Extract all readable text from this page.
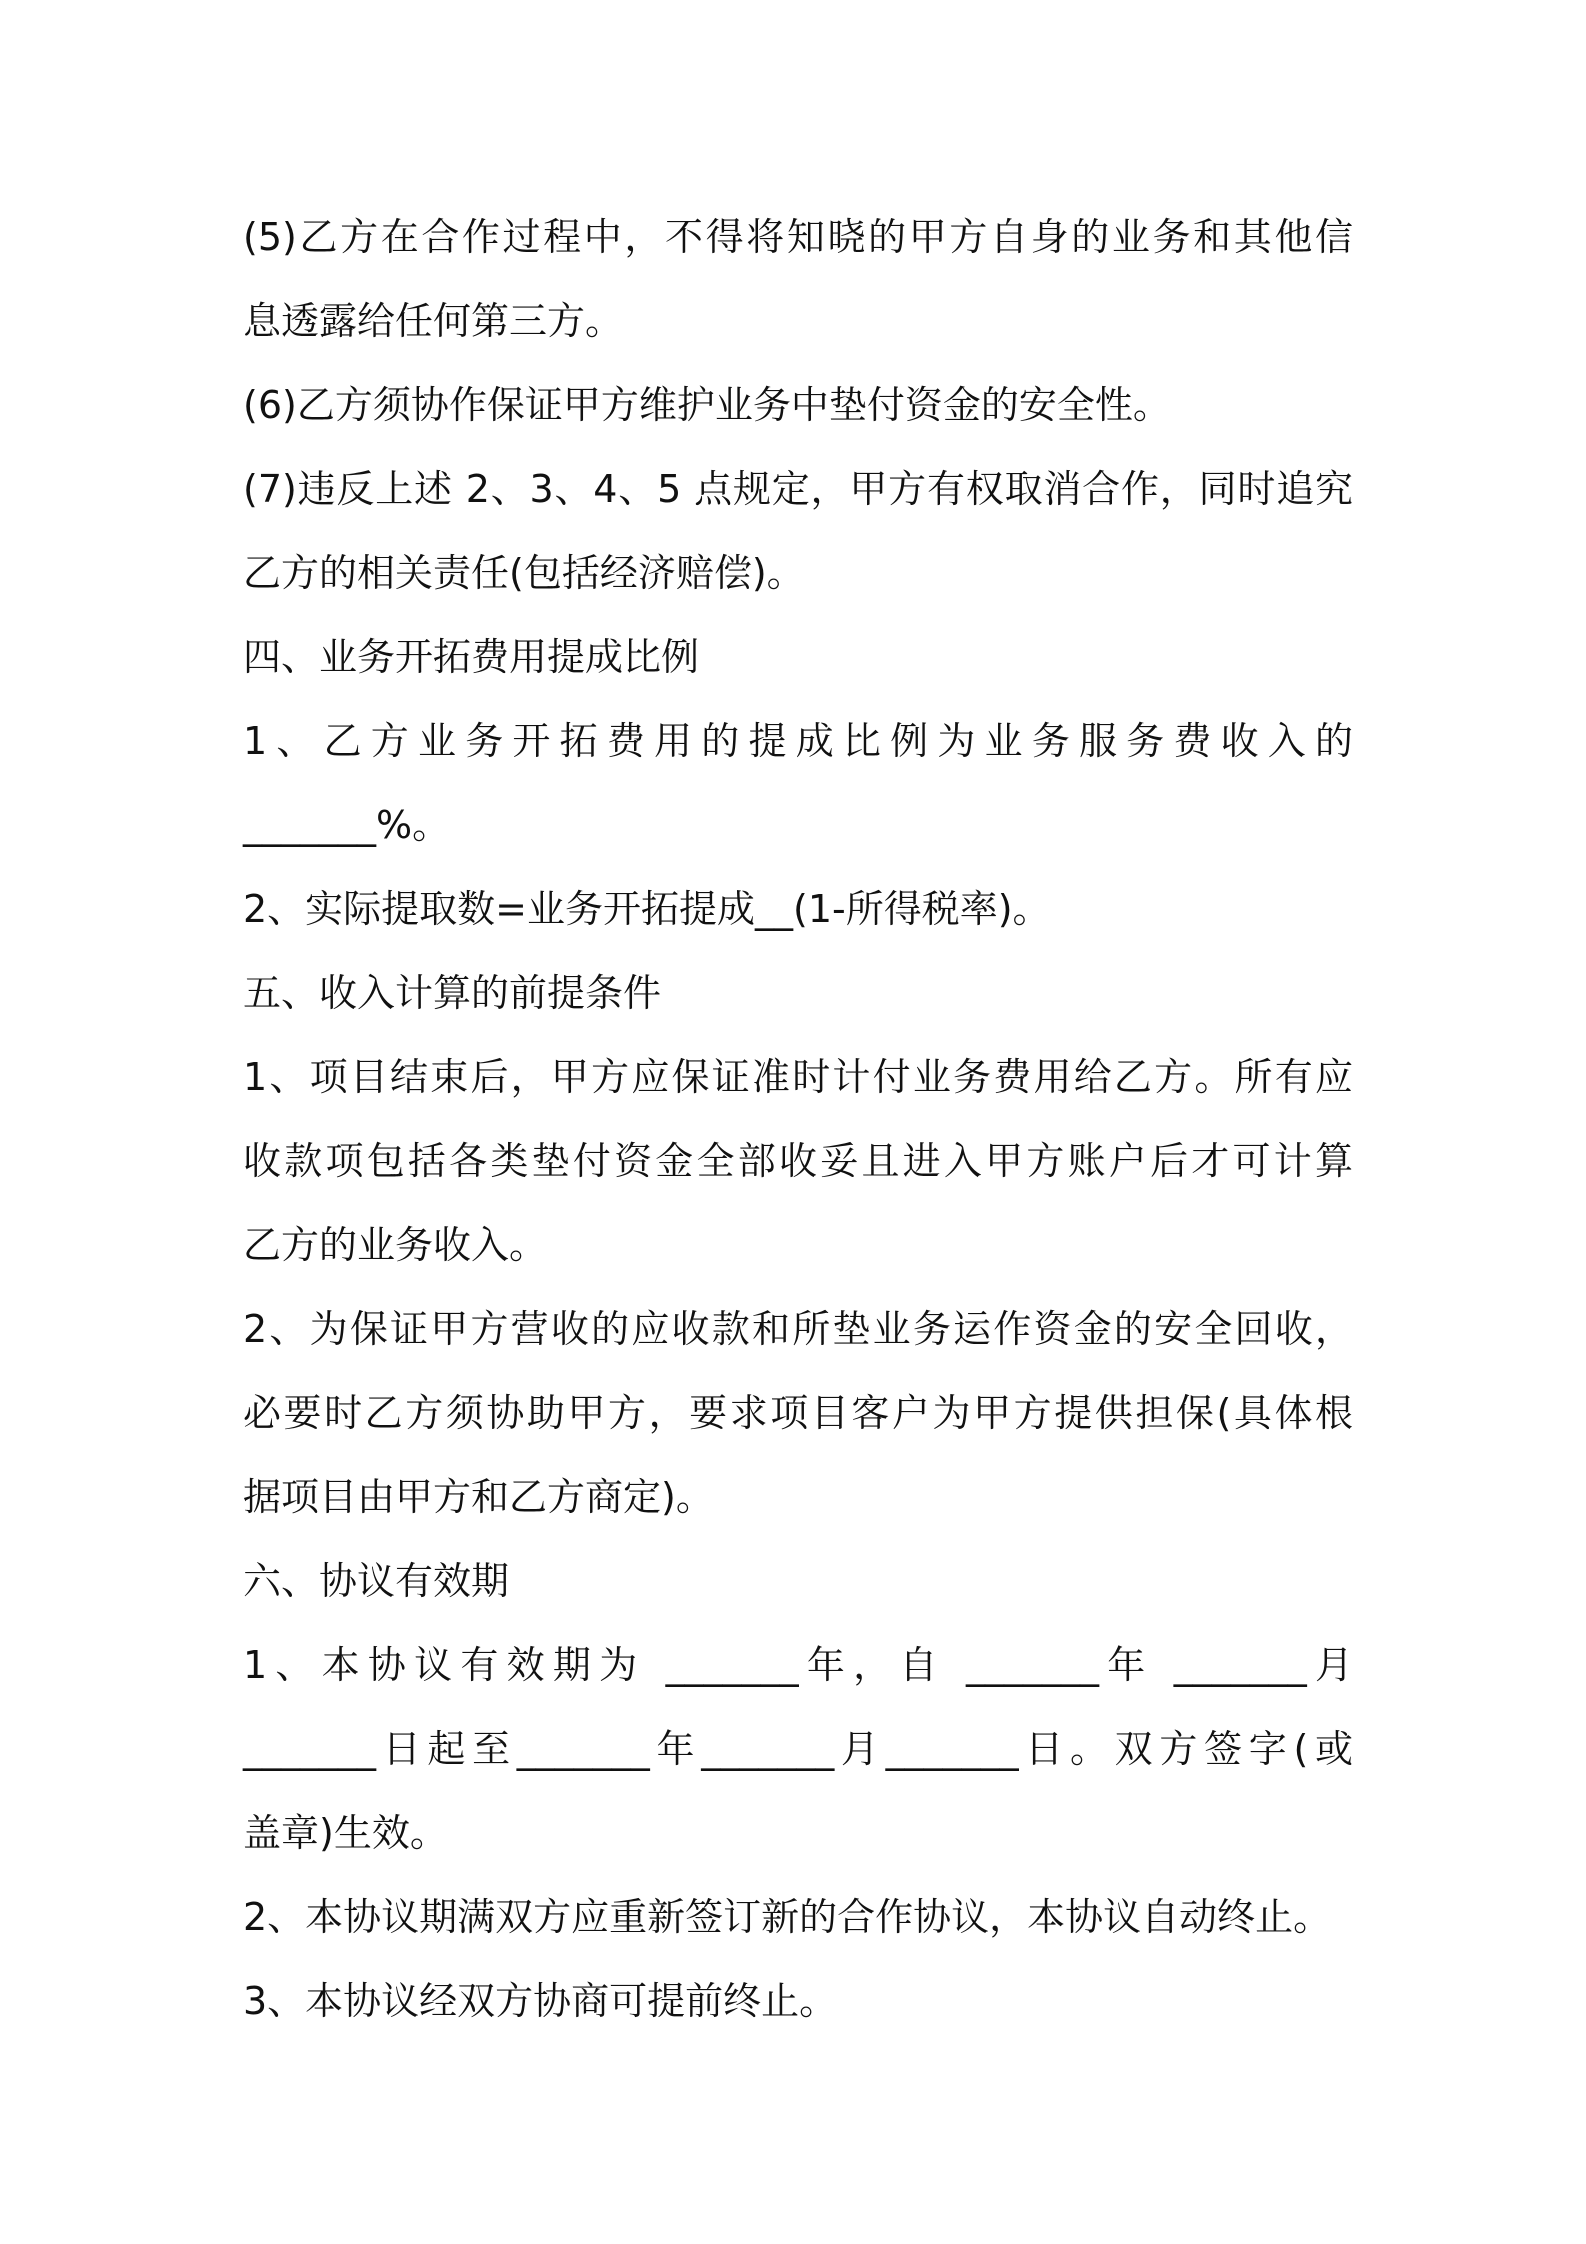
(5)乙方在合作过程中，不得将知晓的甲方自身的业务和其他信
息透露给任何第三方。
(6)乙方须协作保证甲方维护业务中垫付资金的安全性。
(7)违反上述 2、3、4、5 点规定，甲方有权取消合作，同时追究
乙方的相关责任(包括经济赔偿)。
四、业务开拓费用提成比例
1、乙方业务开拓费用的提成比例为业务服务费收入的
_______%。
2、实际提取数=业务开拓提成__(1-所得税率)。
五、收入计算的前提条件
1、项目结束后，甲方应保证准时计付业务费用给乙方。所有应
收款项包括各类垫付资金全部收妥且进入甲方账户后才可计算
乙方的业务收入。
2、为保证甲方营收的应收款和所垫业务运作资金的安全回收，
必要时乙方须协助甲方，要求项目客户为甲方提供担保(具体根
据项目由甲方和乙方商定)。
六、协议有效期
1、本协议有效期为 _______年，自 _______年 _______月
_______日起至_______年_______月_______日。双方签字(或
盖章)生效。
2、本协议期满双方应重新签订新的合作协议，本协议自动终止。
3、本协议经双方协商可提前终止。
